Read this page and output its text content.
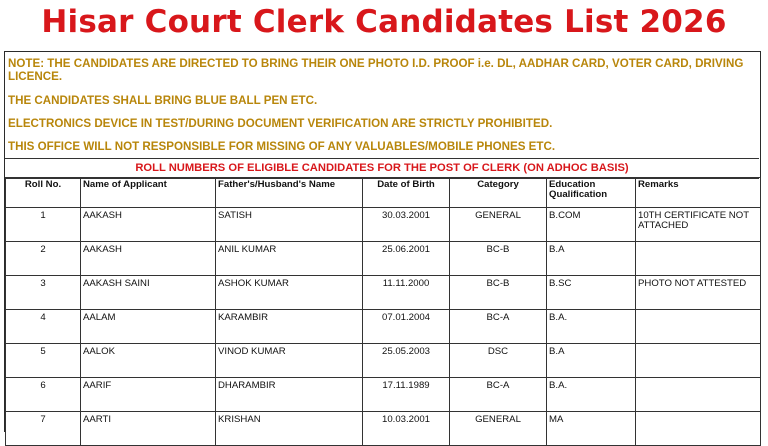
Hisar Court Clerk Candidates List 2026
NOTE: THE CANDIDATES ARE DIRECTED TO BRING THEIR ONE PHOTO I.D. PROOF i.e. DL, AADHAR CARD, VOTER CARD, DRIVING LICENCE.
THE CANDIDATES SHALL BRING BLUE BALL PEN ETC.
ELECTRONICS DEVICE IN TEST/DURING DOCUMENT VERIFICATION ARE STRICTLY PROHIBITED.
THIS OFFICE WILL NOT RESPONSIBLE FOR MISSING OF ANY VALUABLES/MOBILE PHONES ETC.
ROLL NUMBERS OF ELIGIBLE CANDIDATES FOR THE POST OF CLERK (ON ADHOC BASIS)
Roll No.	Name of Applicant	Father's/Husband's Name	Date of Birth	Category	Education Qualification	Remarks
1	AAKASH	SATISH	30.03.2001	GENERAL	B.COM	10TH CERTIFICATE NOT ATTACHED
2	AAKASH	ANIL KUMAR	25.06.2001	BC-B	B.A	
3	AAKASH SAINI	ASHOK KUMAR	11.11.2000	BC-B	B.SC	PHOTO NOT ATTESTED
4	AALAM	KARAMBIR	07.01.2004	BC-A	B.A.	
5	AALOK	VINOD KUMAR	25.05.2003	DSC	B.A	
6	AARIF	DHARAMBIR	17.11.1989	BC-A	B.A.	
7	AARTI	KRISHAN	10.03.2001	GENERAL	MA	
